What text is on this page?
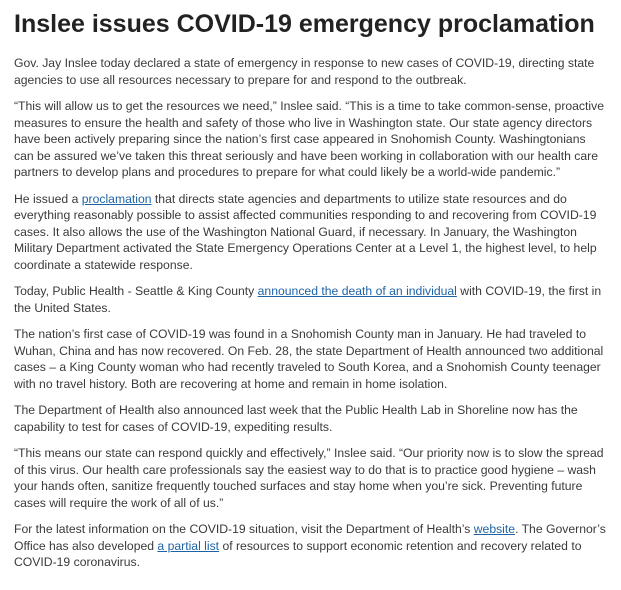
Inslee issues COVID-19 emergency proclamation

Gov. Jay Inslee today declared a state of emergency in response to new cases of COVID-19, directing state agencies to use all resources necessary to prepare for and respond to the outbreak.

“This will allow us to get the resources we need,” Inslee said. “This is a time to take common-sense, proactive measures to ensure the health and safety of those who live in Washington state. Our state agency directors have been actively preparing since the nation’s first case appeared in Snohomish County. Washingtonians can be assured we’ve taken this threat seriously and have been working in collaboration with our health care partners to develop plans and procedures to prepare for what could likely be a world-wide pandemic.”

He issued a proclamation that directs state agencies and departments to utilize state resources and do everything reasonably possible to assist affected communities responding to and recovering from COVID-19 cases. It also allows the use of the Washington National Guard, if necessary. In January, the Washington Military Department activated the State Emergency Operations Center at a Level 1, the highest level, to help coordinate a statewide response.

Today, Public Health - Seattle & King County announced the death of an individual with COVID-19, the first in the United States.

The nation’s first case of COVID-19 was found in a Snohomish County man in January. He had traveled to Wuhan, China and has now recovered. On Feb. 28, the state Department of Health announced two additional cases – a King County woman who had recently traveled to South Korea, and a Snohomish County teenager with no travel history. Both are recovering at home and remain in home isolation.

The Department of Health also announced last week that the Public Health Lab in Shoreline now has the capability to test for cases of COVID-19, expediting results.

“This means our state can respond quickly and effectively,” Inslee said. “Our priority now is to slow the spread of this virus. Our health care professionals say the easiest way to do that is to practice good hygiene – wash your hands often, sanitize frequently touched surfaces and stay home when you’re sick. Preventing future cases will require the work of all of us.”

For the latest information on the COVID-19 situation, visit the Department of Health’s website. The Governor’s Office has also developed a partial list of resources to support economic retention and recovery related to COVID-19 coronavirus.
